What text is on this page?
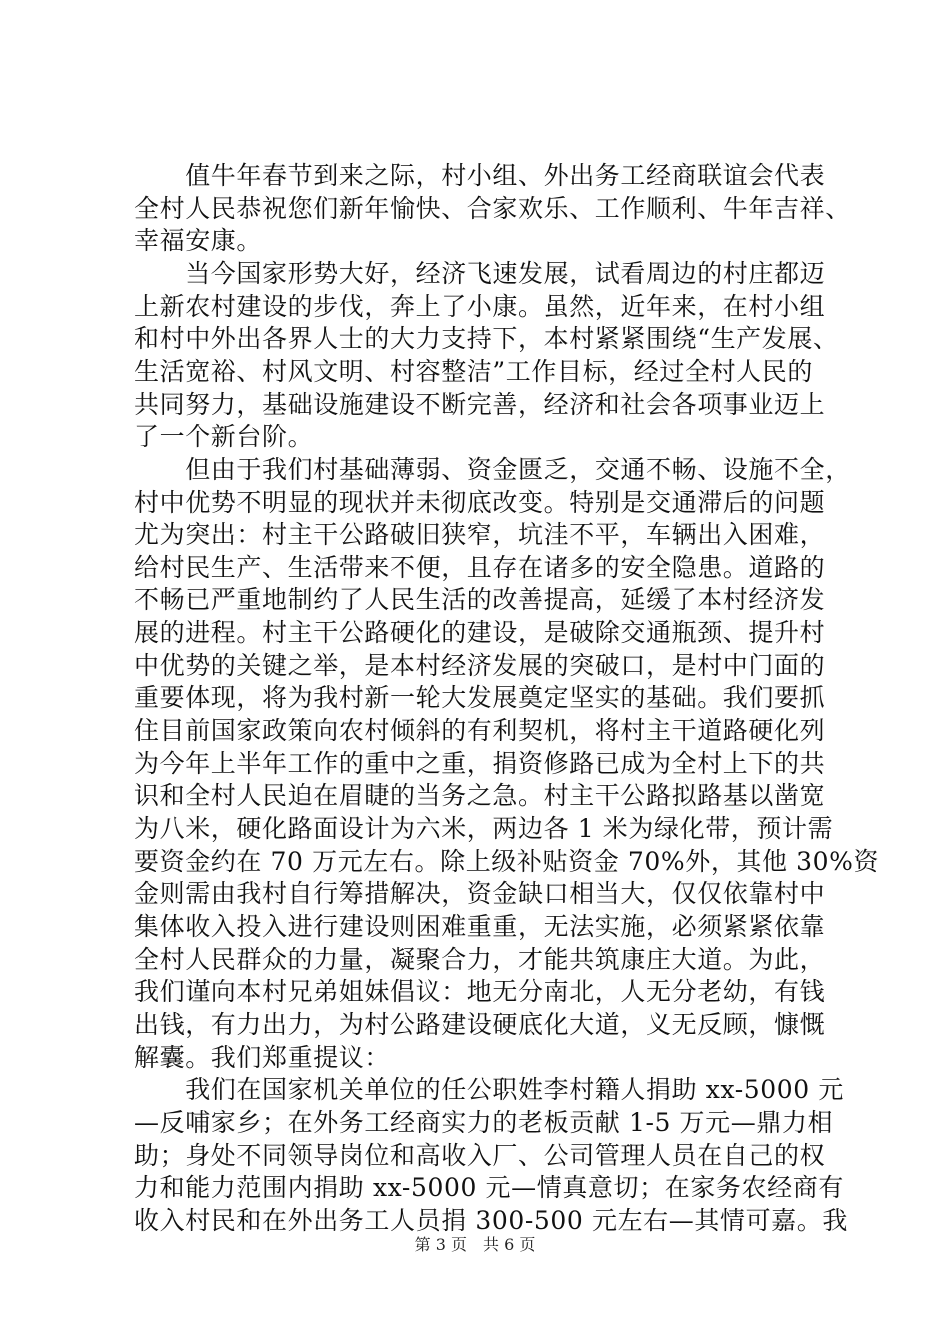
　　值牛年春节到来之际，村小组、外出务工经商联谊会代表
全村人民恭祝您们新年愉快、合家欢乐、工作顺利、牛年吉祥、
幸福安康。
　　当今国家形势大好，经济飞速发展，试看周边的村庄都迈
上新农村建设的步伐，奔上了小康。虽然，近年来，在村小组
和村中外出各界人士的大力支持下，本村紧紧围绕“生产发展、
生活宽裕、村风文明、村容整洁”工作目标，经过全村人民的
共同努力，基础设施建设不断完善，经济和社会各项事业迈上
了一个新台阶。
　　但由于我们村基础薄弱、资金匮乏，交通不畅、设施不全，
村中优势不明显的现状并未彻底改变。特别是交通滞后的问题
尤为突出：村主干公路破旧狭窄，坑洼不平，车辆出入困难，
给村民生产、生活带来不便，且存在诸多的安全隐患。道路的
不畅已严重地制约了人民生活的改善提高，延缓了本村经济发
展的进程。村主干公路硬化的建设，是破除交通瓶颈、提升村
中优势的关键之举，是本村经济发展的突破口，是村中门面的
重要体现，将为我村新一轮大发展奠定坚实的基础。我们要抓
住目前国家政策向农村倾斜的有利契机，将村主干道路硬化列
为今年上半年工作的重中之重，捐资修路已成为全村上下的共
识和全村人民迫在眉睫的当务之急。村主干公路拟路基以凿宽
为八米，硬化路面设计为六米，两边各 1 米为绿化带，预计需
要资金约在 70 万元左右。除上级补贴资金 70%外，其他 30%资
金则需由我村自行筹措解决，资金缺口相当大，仅仅依靠村中
集体收入投入进行建设则困难重重，无法实施，必须紧紧依靠
全村人民群众的力量，凝聚合力，才能共筑康庄大道。为此，
我们谨向本村兄弟姐妹倡议：地无分南北，人无分老幼，有钱
出钱，有力出力，为村公路建设硬底化大道，义无反顾，慷慨
解囊。我们郑重提议：
　　我们在国家机关单位的任公职姓李村籍人捐助 xx-5000 元
—反哺家乡；在外务工经商实力的老板贡献 1-5 万元—鼎力相
助；身处不同领导岗位和高收入厂、公司管理人员在自己的权
力和能力范围内捐助 xx-5000 元—情真意切；在家务农经商有
收入村民和在外出务工人员捐 300-500 元左右—其情可嘉。我
第 3 页　共 6 页
